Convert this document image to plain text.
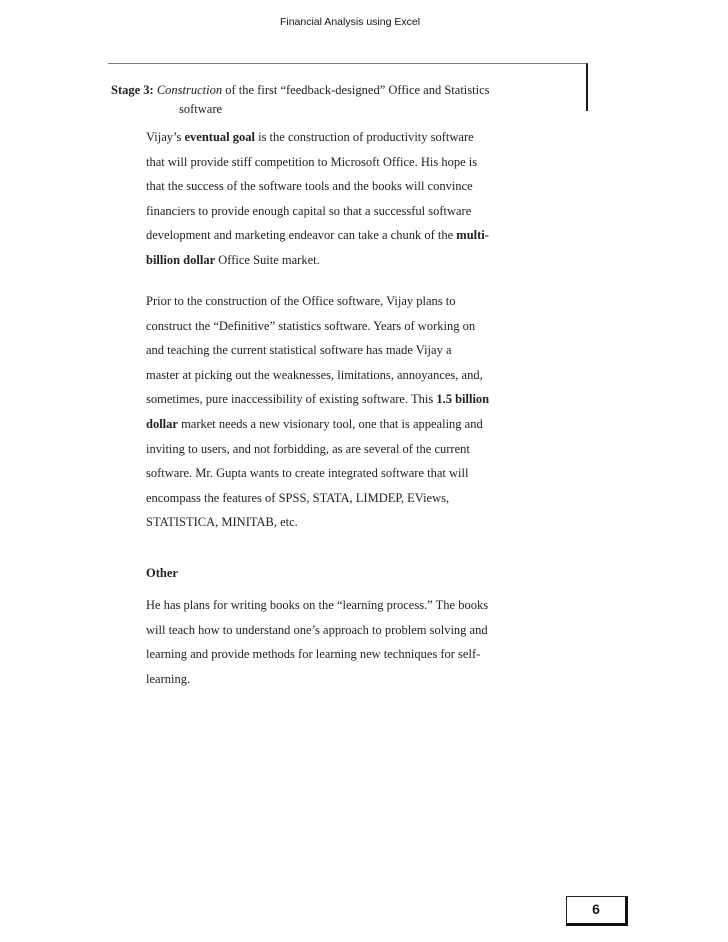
Financial Analysis using Excel
Stage 3: Construction of the first “feedback-designed” Office and Statistics
software
Vijay’s eventual goal is the construction of productivity software
that will provide stiff competition to Microsoft Office. His hope is
that the success of the software tools and the books will convince
financiers to provide enough capital so that a successful software
development and marketing endeavor can take a chunk of the multi-
billion dollar Office Suite market.
Prior to the construction of the Office software, Vijay plans to
construct the “Definitive” statistics software. Years of working on
and teaching the current statistical software has made Vijay a
master at picking out the weaknesses, limitations, annoyances, and,
sometimes, pure inaccessibility of existing software. This 1.5 billion
dollar market needs a new visionary tool, one that is appealing and
inviting to users, and not forbidding, as are several of the current
software. Mr. Gupta wants to create integrated software that will
encompass the features of SPSS, STATA, LIMDEP, EViews,
STATISTICA, MINITAB, etc.
Other
He has plans for writing books on the “learning process.” The books
will teach how to understand one’s approach to problem solving and
learning and provide methods for learning new techniques for self-
learning.
6
